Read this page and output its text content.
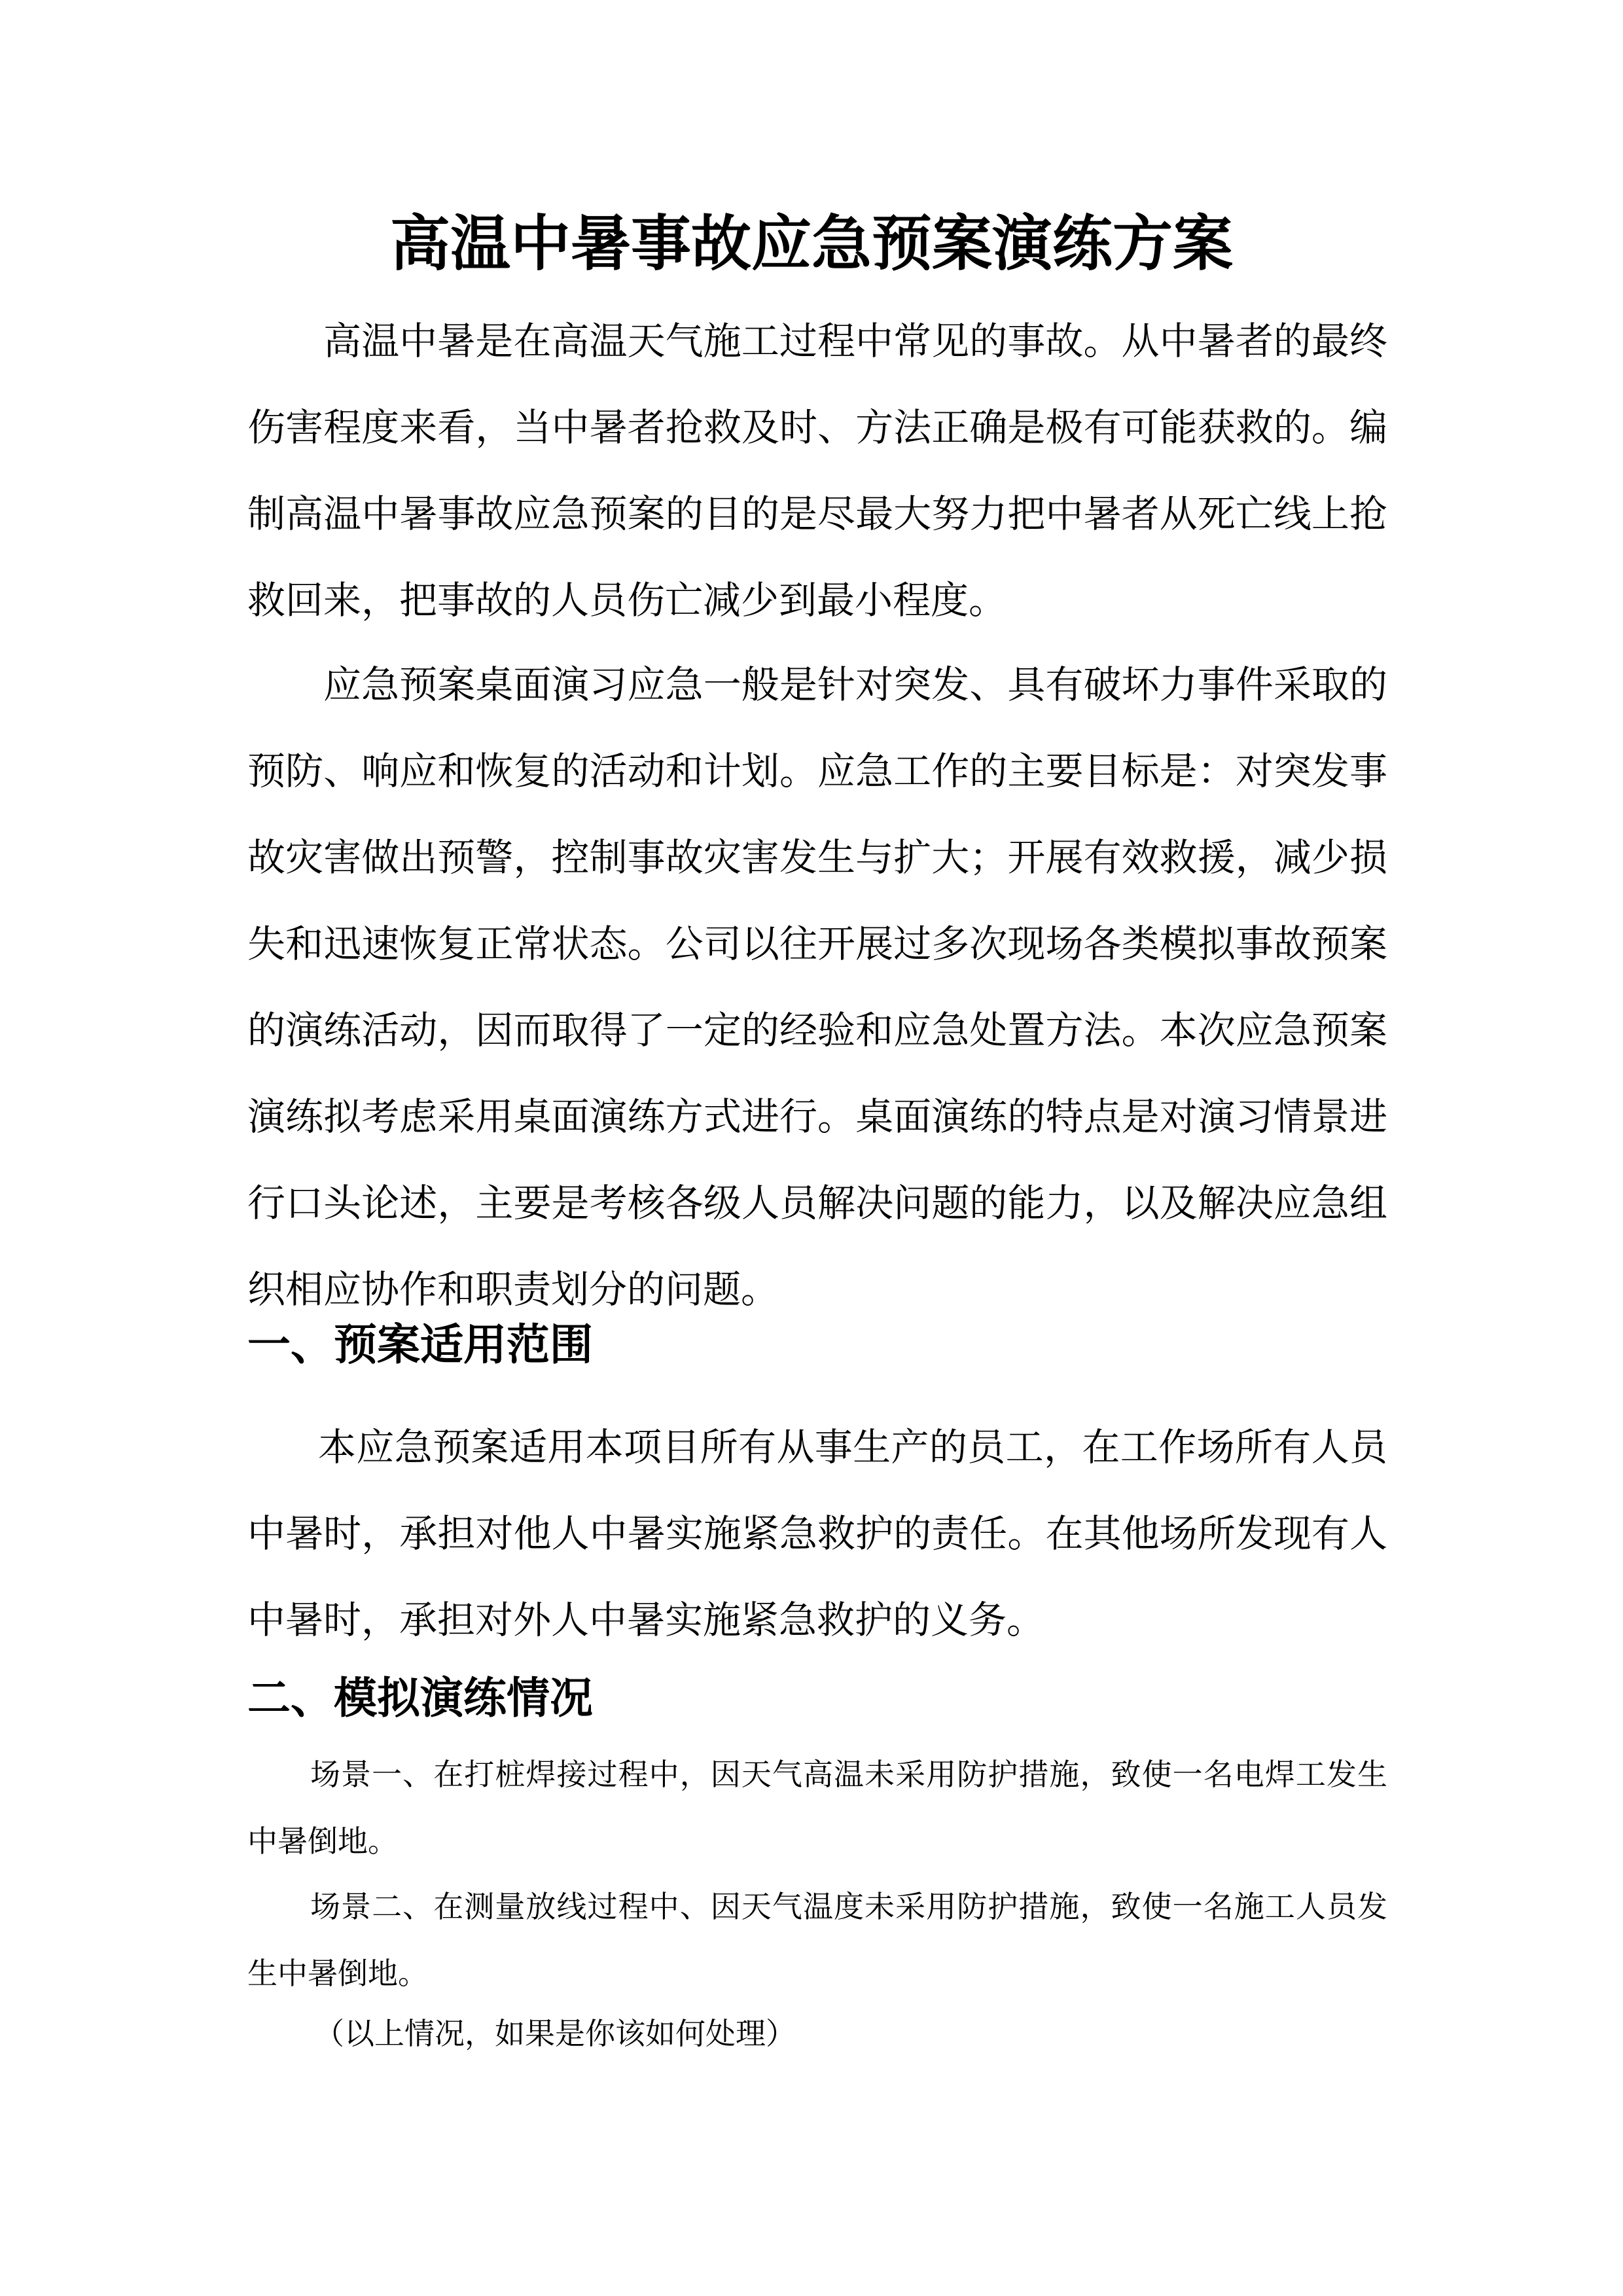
高温中暑事故应急预案演练方案

高温中暑是在高温天气施工过程中常见的事故。从中暑者的最终伤害程度来看，当中暑者抢救及时、方法正确是极有可能获救的。编制高温中暑事故应急预案的目的是尽最大努力把中暑者从死亡线上抢救回来，把事故的人员伤亡减少到最小程度。

应急预案桌面演习应急一般是针对突发、具有破坏力事件采取的预防、响应和恢复的活动和计划。应急工作的主要目标是：对突发事故灾害做出预警，控制事故灾害发生与扩大；开展有效救援，减少损失和迅速恢复正常状态。公司以往开展过多次现场各类模拟事故预案的演练活动，因而取得了一定的经验和应急处置方法。本次应急预案演练拟考虑采用桌面演练方式进行。桌面演练的特点是对演习情景进行口头论述，主要是考核各级人员解决问题的能力，以及解决应急组织相应协作和职责划分的问题。

一、预案适用范围

本应急预案适用本项目所有从事生产的员工，在工作场所有人员中暑时，承担对他人中暑实施紧急救护的责任。在其他场所发现有人中暑时，承担对外人中暑实施紧急救护的义务。

二、模拟演练情况

场景一、在打桩焊接过程中，因天气高温未采用防护措施，致使一名电焊工发生中暑倒地。

场景二、在测量放线过程中、因天气温度未采用防护措施，致使一名施工人员发生中暑倒地。

（以上情况，如果是你该如何处理）
